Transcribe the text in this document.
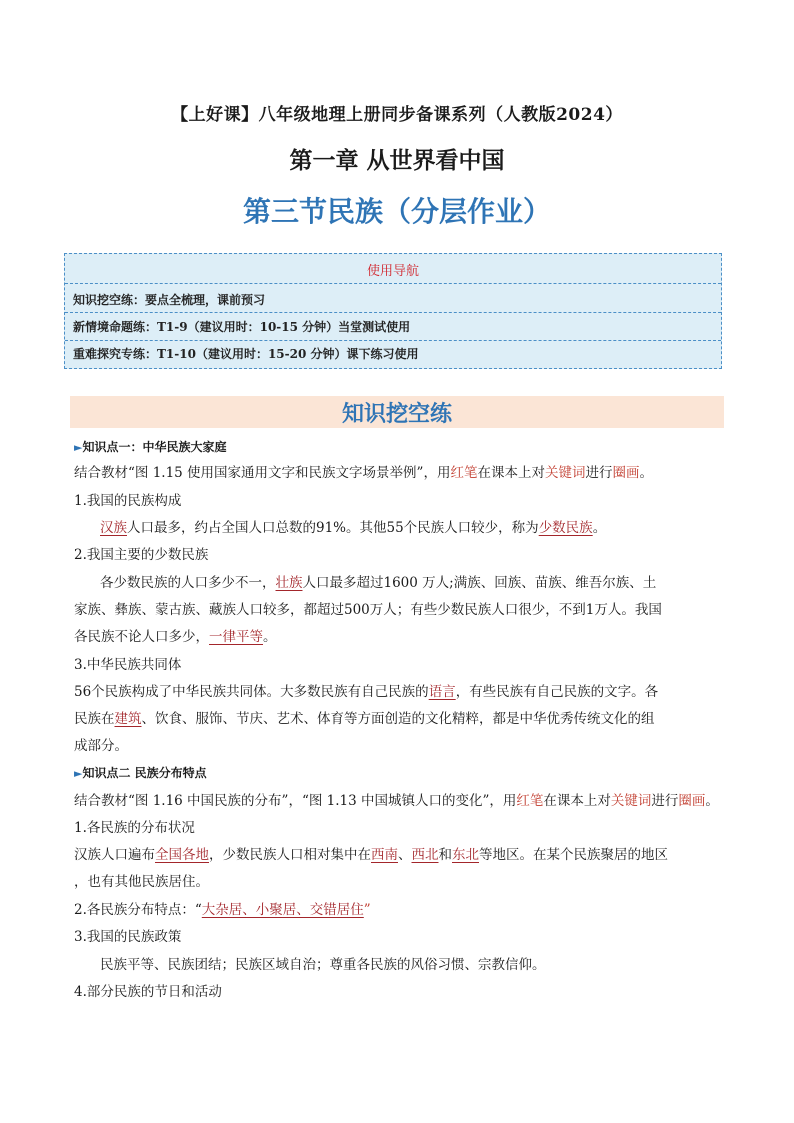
【上好课】八年级地理上册同步备课系列（人教版2024）
第一章 从世界看中国
第三节民族（分层作业）
使用导航
知识挖空练：要点全梳理，课前预习
新情境命题练：T1-9（建议用时：10-15 分钟）当堂测试使用
重难探究专练：T1-10（建议用时：15-20 分钟）课下练习使用
知识挖空练
►知识点一：中华民族大家庭
结合教材“图 1.15 使用国家通用文字和民族文字场景举例”，用红笔在课本上对关键词进行圈画。
1.我国的民族构成
汉族人口最多，约占全国人口总数的91%。其他55个民族人口较少，称为少数民族。
2.我国主要的少数民族
各少数民族的人口多少不一，壮族人口最多超过1600 万人;满族、回族、苗族、维吾尔族、土
家族、彝族、蒙古族、藏族人口较多，都超过500万人；有些少数民族人口很少，不到1万人。我国
各民族不论人口多少，一律平等。
3.中华民族共同体
56个民族构成了中华民族共同体。大多数民族有自己民族的语言，有些民族有自己民族的文字。各
民族在建筑、饮食、服饰、节庆、艺术、体育等方面创造的文化精粹，都是中华优秀传统文化的组
成部分。
►知识点二 民族分布特点
结合教材“图 1.16 中国民族的分布”，“图 1.13 中国城镇人口的变化”，用红笔在课本上对关键词进行圈画。
1.各民族的分布状况
汉族人口遍布全国各地，少数民族人口相对集中在西南、西北和东北等地区。在某个民族聚居的地区
，也有其他民族居住。
2.各民族分布特点：“大杂居、小聚居、交错居住”
3.我国的民族政策
民族平等、民族团结；民族区域自治；尊重各民族的风俗习惯、宗教信仰。
4.部分民族的节日和活动
